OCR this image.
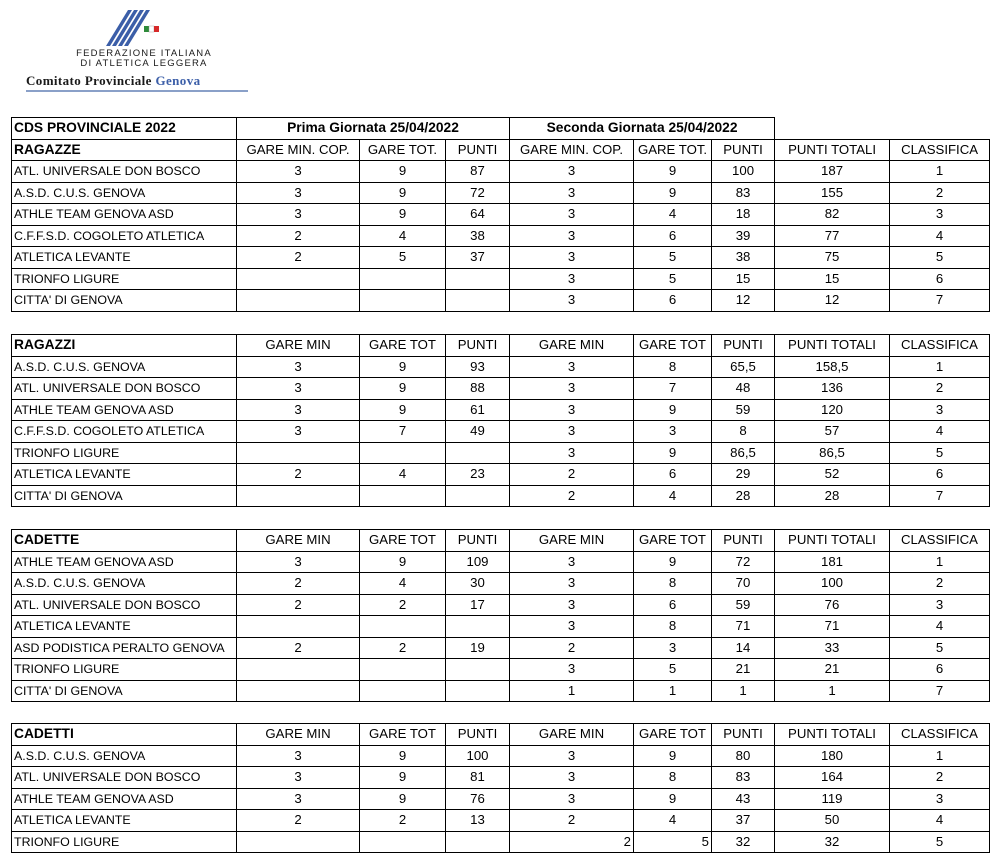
FEDERAZIONE ITALIANA
DI ATLETICA LEGGERA
Comitato Provinciale Genova
CDS PROVINCIALE 2022	Prima Giornata 25/04/2022			Seconda Giornata 25/04/2022				
RAGAZZE	GARE MIN. COP.	GARE TOT.	PUNTI	GARE MIN. COP.	GARE TOT.	PUNTI	PUNTI TOTALI	CLASSIFICA
ATL. UNIVERSALE DON BOSCO	3	9	87	3	9	100	187	1
A.S.D. C.U.S. GENOVA	3	9	72	3	9	83	155	2
ATHLE TEAM GENOVA ASD	3	9	64	3	4	18	82	3
C.F.F.S.D. COGOLETO ATLETICA	2	4	38	3	6	39	77	4
ATLETICA LEVANTE	2	5	37	3	5	38	75	5
TRIONFO LIGURE				3	5	15	15	6
CITTA' DI GENOVA				3	6	12	12	7
RAGAZZI	GARE MIN	GARE TOT	PUNTI	GARE MIN	GARE TOT	PUNTI	PUNTI TOTALI	CLASSIFICA
A.S.D. C.U.S. GENOVA	3	9	93	3	8	65,5	158,5	1
ATL. UNIVERSALE DON BOSCO	3	9	88	3	7	48	136	2
ATHLE TEAM GENOVA ASD	3	9	61	3	9	59	120	3
C.F.F.S.D. COGOLETO ATLETICA	3	7	49	3	3	8	57	4
TRIONFO LIGURE				3	9	86,5	86,5	5
ATLETICA LEVANTE	2	4	23	2	6	29	52	6
CITTA' DI GENOVA				2	4	28	28	7
CADETTE	GARE MIN	GARE TOT	PUNTI	GARE MIN	GARE TOT	PUNTI	PUNTI TOTALI	CLASSIFICA
ATHLE TEAM GENOVA ASD	3	9	109	3	9	72	181	1
A.S.D. C.U.S. GENOVA	2	4	30	3	8	70	100	2
ATL. UNIVERSALE DON BOSCO	2	2	17	3	6	59	76	3
ATLETICA LEVANTE				3	8	71	71	4
ASD PODISTICA PERALTO GENOVA	2	2	19	2	3	14	33	5
TRIONFO LIGURE				3	5	21	21	6
CITTA' DI GENOVA				1	1	1	1	7
CADETTI	GARE MIN	GARE TOT	PUNTI	GARE MIN	GARE TOT	PUNTI	PUNTI TOTALI	CLASSIFICA
A.S.D. C.U.S. GENOVA	3	9	100	3	9	80	180	1
ATL. UNIVERSALE DON BOSCO	3	9	81	3	8	83	164	2
ATHLE TEAM GENOVA ASD	3	9	76	3	9	43	119	3
ATLETICA LEVANTE	2	2	13	2	4	37	50	4
TRIONFO LIGURE				2	5	32	32	5
